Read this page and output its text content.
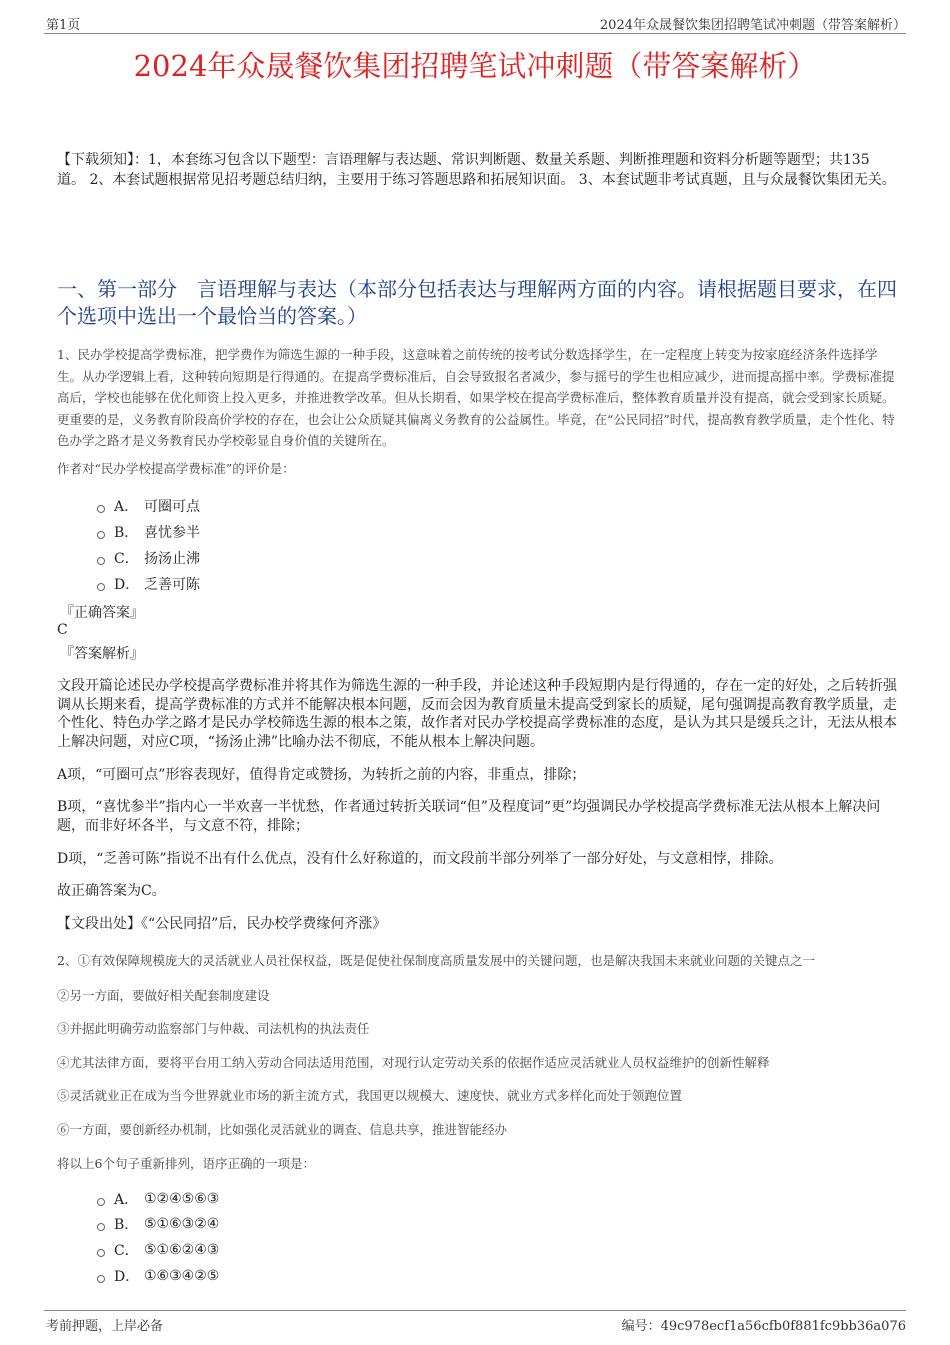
第1页	2024年众晟餐饮集团招聘笔试冲刺题（带答案解析）
2024年众晟餐饮集团招聘笔试冲刺题（带答案解析）
【下载须知】：1，本套练习包含以下题型：言语理解与表达题、常识判断题、数量关系题、判断推理题和资料分析题等题型；共135道。 2、本套试题根据常见招考题总结归纳，主要用于练习答题思路和拓展知识面。 3、本套试题非考试真题，且与众晟餐饮集团无关。
一、第一部分　言语理解与表达（本部分包括表达与理解两方面的内容。请根据题目要求，在四个选项中选出一个最恰当的答案。）
1、民办学校提高学费标准，把学费作为筛选生源的一种手段，这意味着之前传统的按考试分数选择学生，在一定程度上转变为按家庭经济条件选择学生。从办学逻辑上看，这种转向短期是行得通的。在提高学费标准后，自会导致报名者减少，参与摇号的学生也相应减少，进而提高摇中率。学费标准提高后，学校也能够在优化师资上投入更多，并推进教学改革。但从长期看，如果学校在提高学费标准后，整体教育质量并没有提高，就会受到家长质疑。更重要的是，义务教育阶段高价学校的存在，也会让公众质疑其偏离义务教育的公益属性。毕竟，在“公民同招”时代，提高教育教学质量，走个性化、特色办学之路才是义务教育民办学校彰显自身价值的关键所在。
作者对“民办学校提高学费标准”的评价是：
A． 可圈可点
B． 喜忧参半
C． 扬汤止沸
D． 乏善可陈
『正确答案』
C
『答案解析』
文段开篇论述民办学校提高学费标准并将其作为筛选生源的一种手段，并论述这种手段短期内是行得通的，存在一定的好处，之后转折强调从长期来看，提高学费标准的方式并不能解决根本问题，反而会因为教育质量未提高受到家长的质疑，尾句强调提高教育教学质量，走个性化、特色办学之路才是民办学校筛选生源的根本之策，故作者对民办学校提高学费标准的态度，是认为其只是缓兵之计，无法从根本上解决问题，对应C项，“扬汤止沸”比喻办法不彻底，不能从根本上解决问题。
A项，“可圈可点”形容表现好，值得肯定或赞扬，为转折之前的内容，非重点，排除；
B项，“喜忧参半”指内心一半欢喜一半忧愁，作者通过转折关联词“但”及程度词“更”均强调民办学校提高学费标准无法从根本上解决问题，而非好坏各半，与文意不符，排除；
D项，“乏善可陈”指说不出有什么优点，没有什么好称道的，而文段前半部分列举了一部分好处，与文意相悖，排除。
故正确答案为C。
【文段出处】《“公民同招”后，民办校学费缘何齐涨》
2、①有效保障规模庞大的灵活就业人员社保权益，既是促使社保制度高质量发展中的关键问题，也是解决我国未来就业问题的关键点之一
②另一方面，要做好相关配套制度建设
③并据此明确劳动监察部门与仲裁、司法机构的执法责任
④尤其法律方面，要将平台用工纳入劳动合同法适用范围，对现行认定劳动关系的依据作适应灵活就业人员权益维护的创新性解释
⑤灵活就业正在成为当今世界就业市场的新主流方式，我国更以规模大、速度快、就业方式多样化而处于领跑位置
⑥一方面，要创新经办机制，比如强化灵活就业的调查、信息共享，推进智能经办
将以上6个句子重新排列，语序正确的一项是：
A． ①②④⑤⑥③
B． ⑤①⑥③②④
C． ⑤①⑥②④③
D． ①⑥③④②⑤
考前押题，上岸必备	编号：49c978ecf1a56cfb0f881fc9bb36a076
